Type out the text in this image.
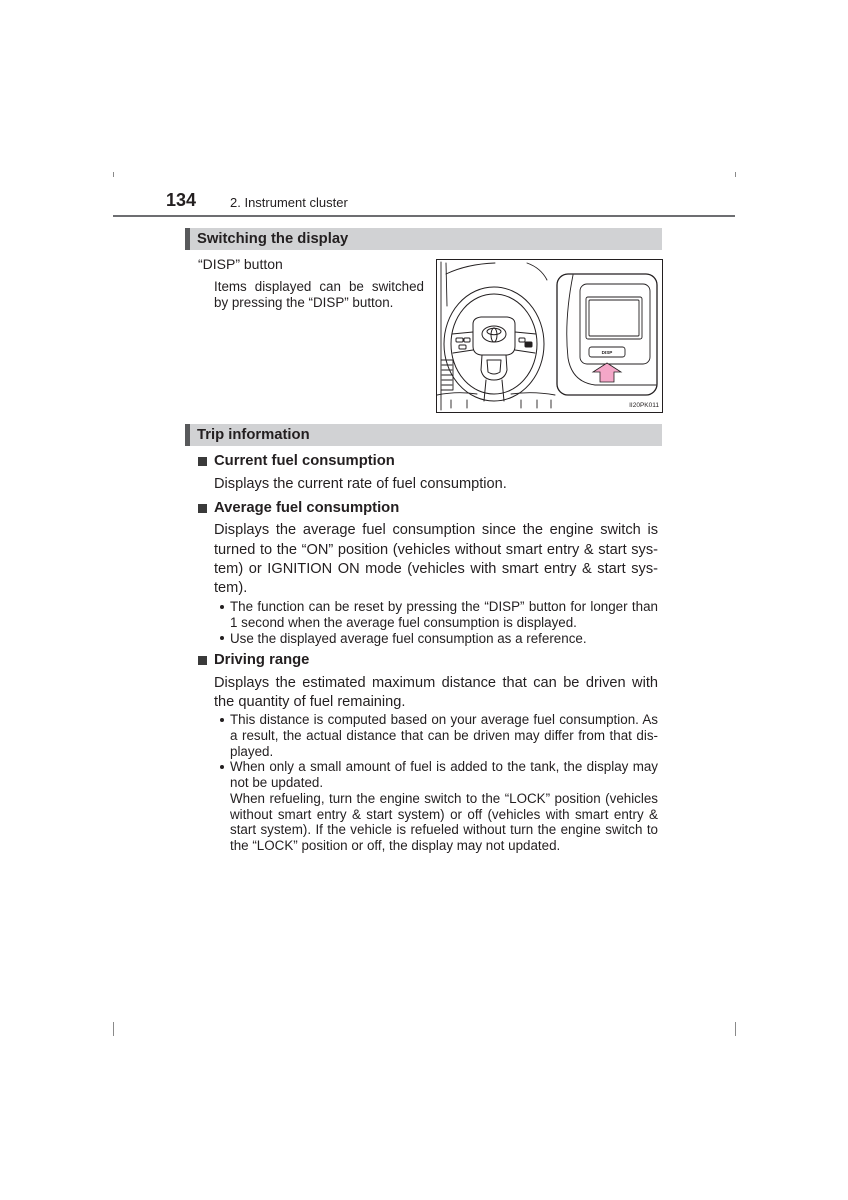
134	2. Instrument cluster
Switching the display
“DISP” button
Items displayed can be switched
by pressing the “DISP” button.
DISP
II20PK011
Trip information
Current fuel consumption
Displays the current rate of fuel consumption.
Average fuel consumption
Displays the average fuel consumption since the engine switch is
turned to the “ON” position (vehicles without smart entry & start sys-
tem) or IGNITION ON mode (vehicles with smart entry & start sys-
tem).
The function can be reset by pressing the “DISP” button for longer than
1 second when the average fuel consumption is displayed.
Use the displayed average fuel consumption as a reference.
Driving range
Displays the estimated maximum distance that can be driven with
the quantity of fuel remaining.
This distance is computed based on your average fuel consumption. As
a result, the actual distance that can be driven may differ from that dis-
played.
When only a small amount of fuel is added to the tank, the display may
not be updated.
When refueling, turn the engine switch to the “LOCK” position (vehicles
without smart entry & start system) or off (vehicles with smart entry &
start system). If the vehicle is refueled without turn the engine switch to
the “LOCK” position or off, the display may not updated.
